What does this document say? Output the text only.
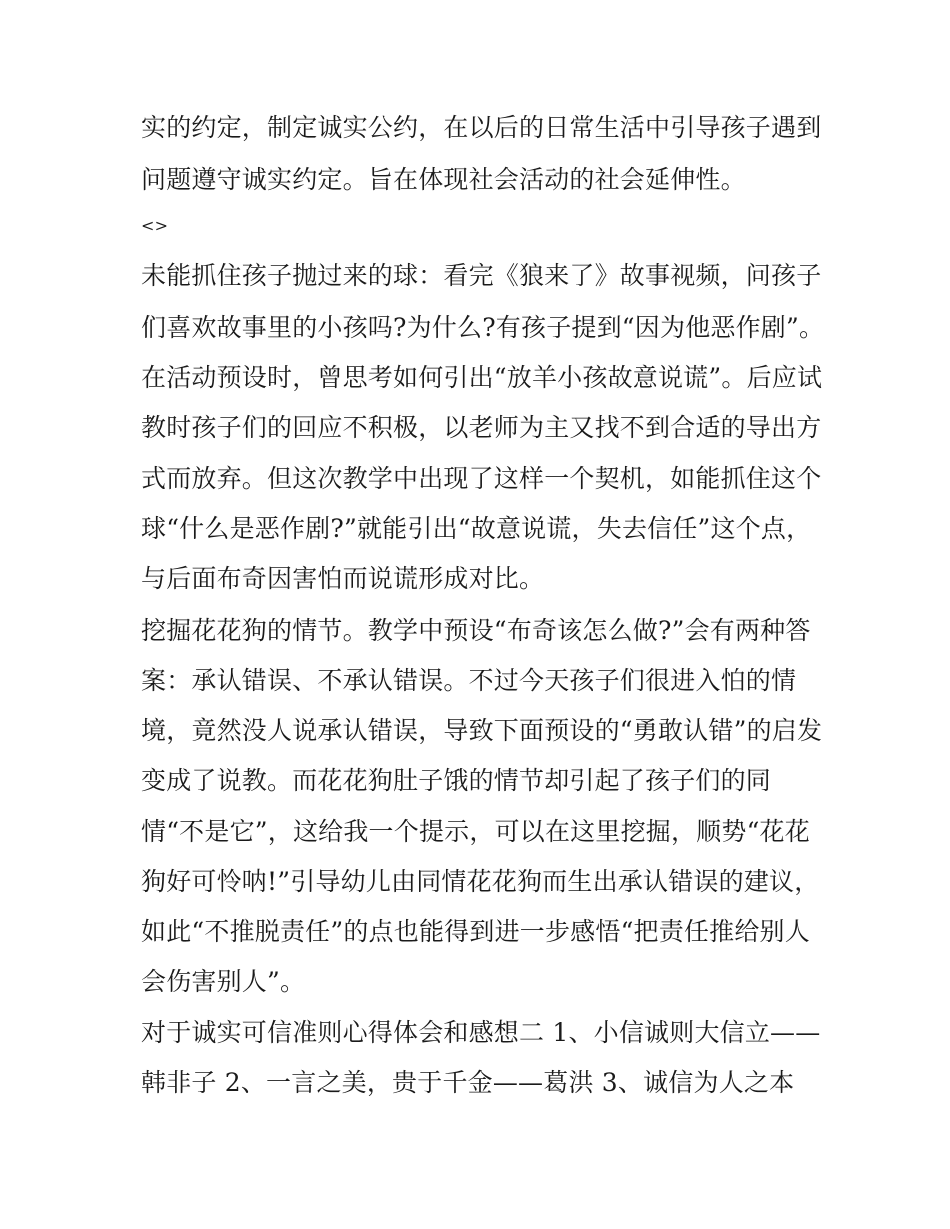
实的约定，制定诚实公约，在以后的日常生活中引导孩子遇到
问题遵守诚实约定。旨在体现社会活动的社会延伸性。
<>
未能抓住孩子抛过来的球：看完《狼来了》故事视频，问孩子
们喜欢故事里的小孩吗?为什么?有孩子提到“因为他恶作剧”。
在活动预设时，曾思考如何引出“放羊小孩故意说谎”。后应试
教时孩子们的回应不积极，以老师为主又找不到合适的导出方
式而放弃。但这次教学中出现了这样一个契机，如能抓住这个
球“什么是恶作剧?”就能引出“故意说谎，失去信任”这个点，
与后面布奇因害怕而说谎形成对比。
挖掘花花狗的情节。教学中预设“布奇该怎么做?”会有两种答
案：承认错误、不承认错误。不过今天孩子们很进入怕的情
境，竟然没人说承认错误，导致下面预设的“勇敢认错”的启发
变成了说教。而花花狗肚子饿的情节却引起了孩子们的同
情“不是它”，这给我一个提示，可以在这里挖掘，顺势“花花
狗好可怜呐!”引导幼儿由同情花花狗而生出承认错误的建议，
如此“不推脱责任”的点也能得到进一步感悟“把责任推给别人
会伤害别人”。
对于诚实可信准则心得体会和感想二 1、小信诚则大信立——
韩非子 2、一言之美，贵于千金——葛洪 3、诚信为人之本
